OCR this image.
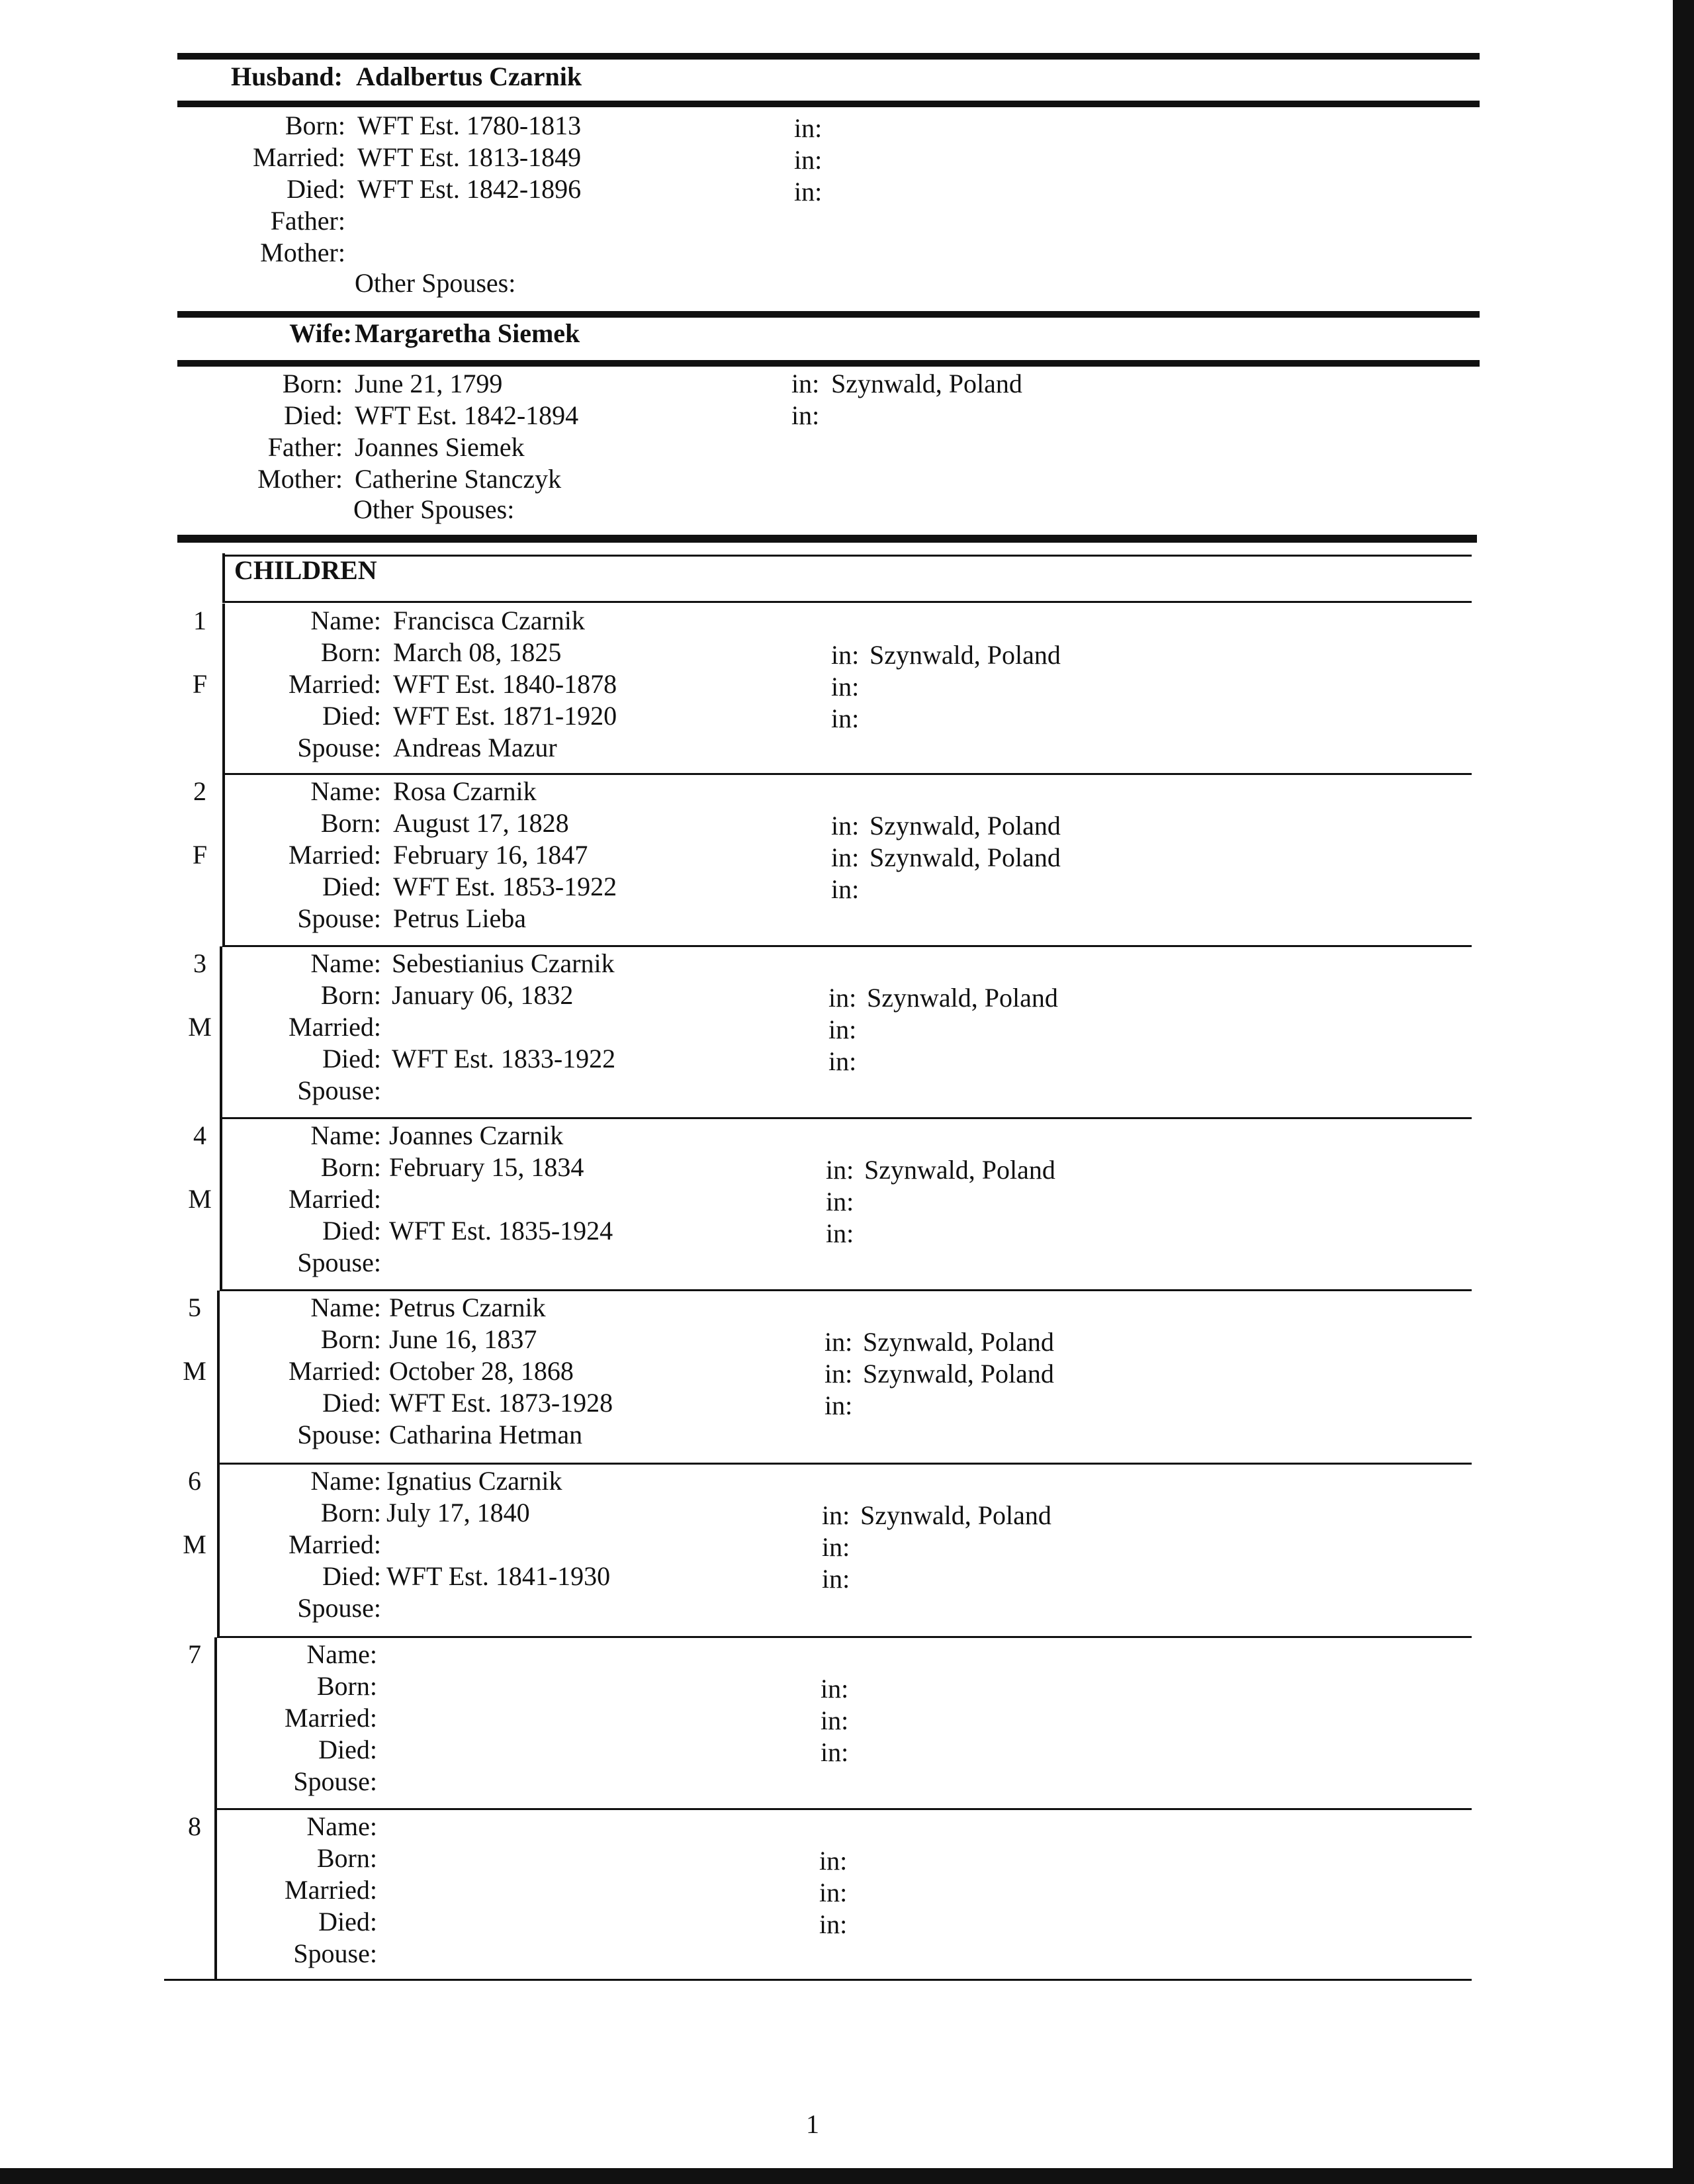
Husband: Adalbertus Czarnik
Born: WFT Est. 1780-1813	in:
Married: WFT Est. 1813-1849	in:
Died: WFT Est. 1842-1896	in:
Father:
Mother:
Other Spouses:
Wife: Margaretha Siemek
Born: June 21, 1799	in: Szynwald, Poland
Died: WFT Est. 1842-1894	in:
Father: Joannes Siemek
Mother: Catherine Stanczyk
Other Spouses:
CHILDREN
1
F
Name: Francisca Czarnik
Born: March 08, 1825	in: Szynwald, Poland
Married: WFT Est. 1840-1878	in:
Died: WFT Est. 1871-1920	in:
Spouse: Andreas Mazur
2
F
Name: Rosa Czarnik
Born: August 17, 1828	in: Szynwald, Poland
Married: February 16, 1847	in: Szynwald, Poland
Died: WFT Est. 1853-1922	in:
Spouse: Petrus Lieba
3
M
Name: Sebestianius Czarnik
Born: January 06, 1832	in: Szynwald, Poland
Married:	in:
Died: WFT Est. 1833-1922	in:
Spouse:
4
M
Name: Joannes Czarnik
Born: February 15, 1834	in: Szynwald, Poland
Married:	in:
Died: WFT Est. 1835-1924	in:
Spouse:
5
M
Name: Petrus Czarnik
Born: June 16, 1837	in: Szynwald, Poland
Married: October 28, 1868	in: Szynwald, Poland
Died: WFT Est. 1873-1928	in:
Spouse: Catharina Hetman
6
M
Name: Ignatius Czarnik
Born: July 17, 1840	in: Szynwald, Poland
Married:	in:
Died: WFT Est. 1841-1930	in:
Spouse:
7	Name:
Born:	in:
Married:	in:
Died:	in:
Spouse:
8	Name:
Born:	in:
Married:	in:
Died:	in:
Spouse:
1
